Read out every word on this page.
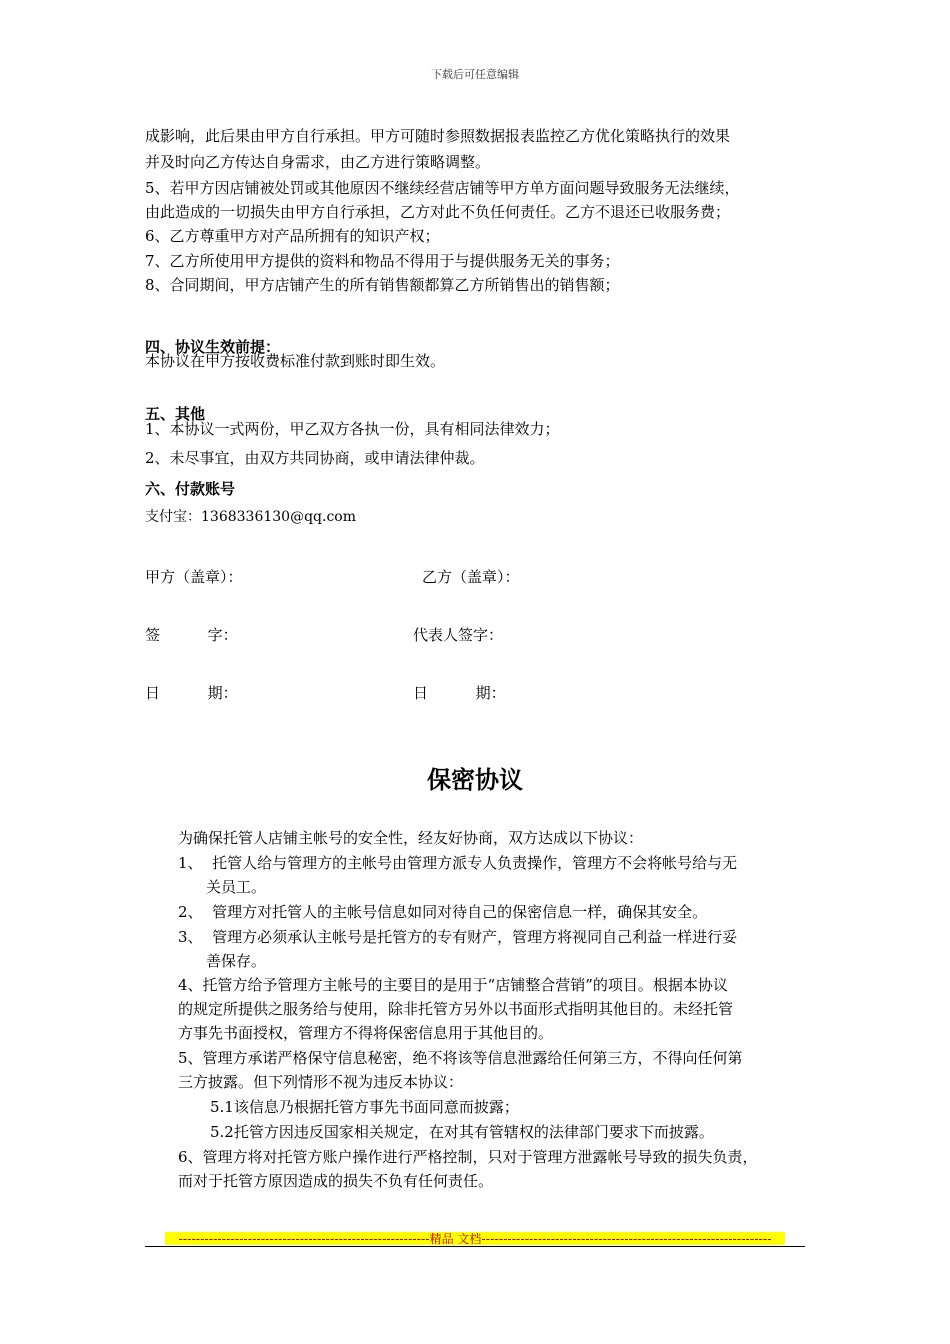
下载后可任意编辑
成影响，此后果由甲方自行承担。甲方可随时参照数据报表监控乙方优化策略执行的效果
并及时向乙方传达自身需求，由乙方进行策略调整。
5、若甲方因店铺被处罚或其他原因不继续经营店铺等甲方单方面问题导致服务无法继续，
由此造成的一切损失由甲方自行承担，乙方对此不负任何责任。乙方不退还已收服务费；
6、乙方尊重甲方对产品所拥有的知识产权；
7、乙方所使用甲方提供的资料和物品不得用于与提供服务无关的事务；
8、合同期间，甲方店铺产生的所有销售额都算乙方所销售出的销售额；
四、协议生效前提：
本协议在甲方按收费标准付款到账时即生效。
五、其他
1、本协议一式两份，甲乙双方各执一份，具有相同法律效力；
2、未尽事宜，由双方共同协商，或申请法律仲裁。
六、付款账号
支付宝：1368336130@qq.com
甲方（盖章）：	乙方（盖章）：
签          字：	代表人签字：
日          期：	日          期：
保密协议
为确保托管人店铺主帐号的安全性，经友好协商，双方达成以下协议：
1、  托管人给与管理方的主帐号由管理方派专人负责操作，管理方不会将帐号给与无
关员工。
2、  管理方对托管人的主帐号信息如同对待自己的保密信息一样，确保其安全。
3、  管理方必须承认主帐号是托管方的专有财产，管理方将视同自己利益一样进行妥
善保存。
4、托管方给予管理方主帐号的主要目的是用于“店铺整合营销”的项目。根据本协议
的规定所提供之服务给与使用，除非托管方另外以书面形式指明其他目的。未经托管
方事先书面授权，管理方不得将保密信息用于其他目的。
5、管理方承诺严格保守信息秘密，绝不将该等信息泄露给任何第三方，不得向任何第
三方披露。但下列情形不视为违反本协议：
5.1该信息乃根据托管方事先书面同意而披露；
5.2托管方因违反国家相关规定，在对其有管辖权的法律部门要求下而披露。
6、管理方将对托管方账户操作进行严格控制，只对于管理方泄露帐号导致的损失负责，
而对于托管方原因造成的损失不负有任何责任。
----------------------------------------------------------精品 文档-------------------------------------------------------------------
